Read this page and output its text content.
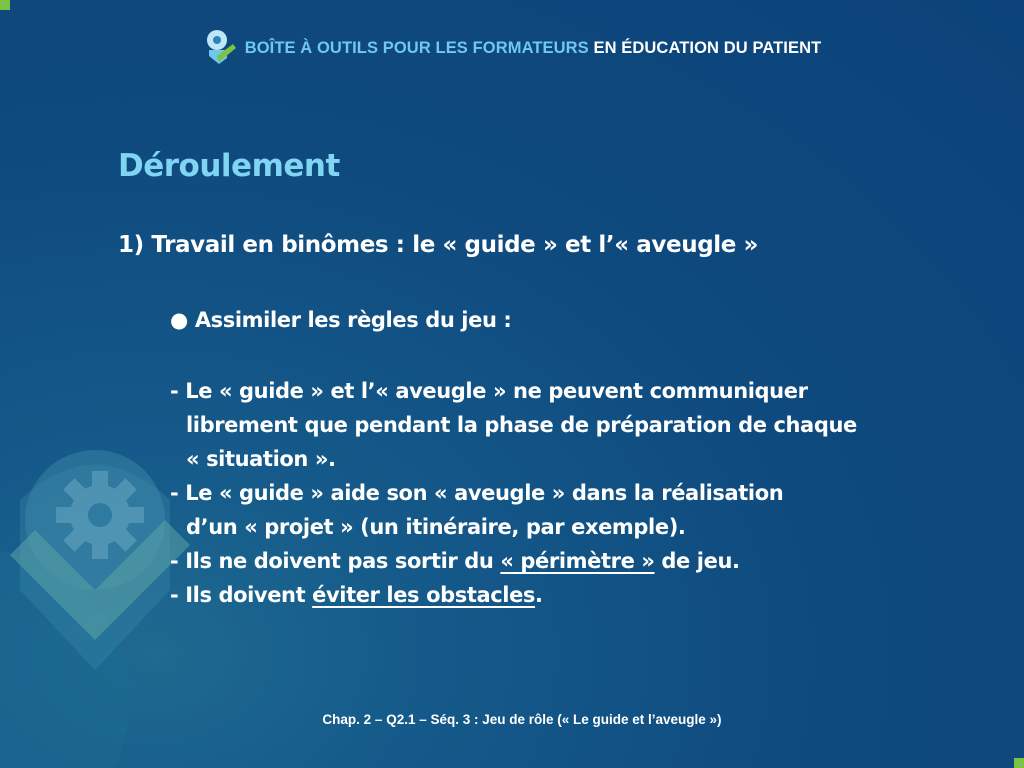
BOÎTE À OUTILS POUR LES FORMATEURS EN ÉDUCATION DU PATIENT
Déroulement
1) Travail en binômes : le « guide » et l’« aveugle »
● Assimiler les règles du jeu :
- Le « guide » et l’« aveugle » ne peuvent communiquer
librement que pendant la phase de préparation de chaque
« situation ».
- Le « guide » aide son « aveugle » dans la réalisation
d’un « projet » (un itinéraire, par exemple).
- Ils ne doivent pas sortir du « périmètre » de jeu.
- Ils doivent éviter les obstacles.
Chap. 2 – Q2.1 – Séq. 3 : Jeu de rôle (« Le guide et l’aveugle »)
